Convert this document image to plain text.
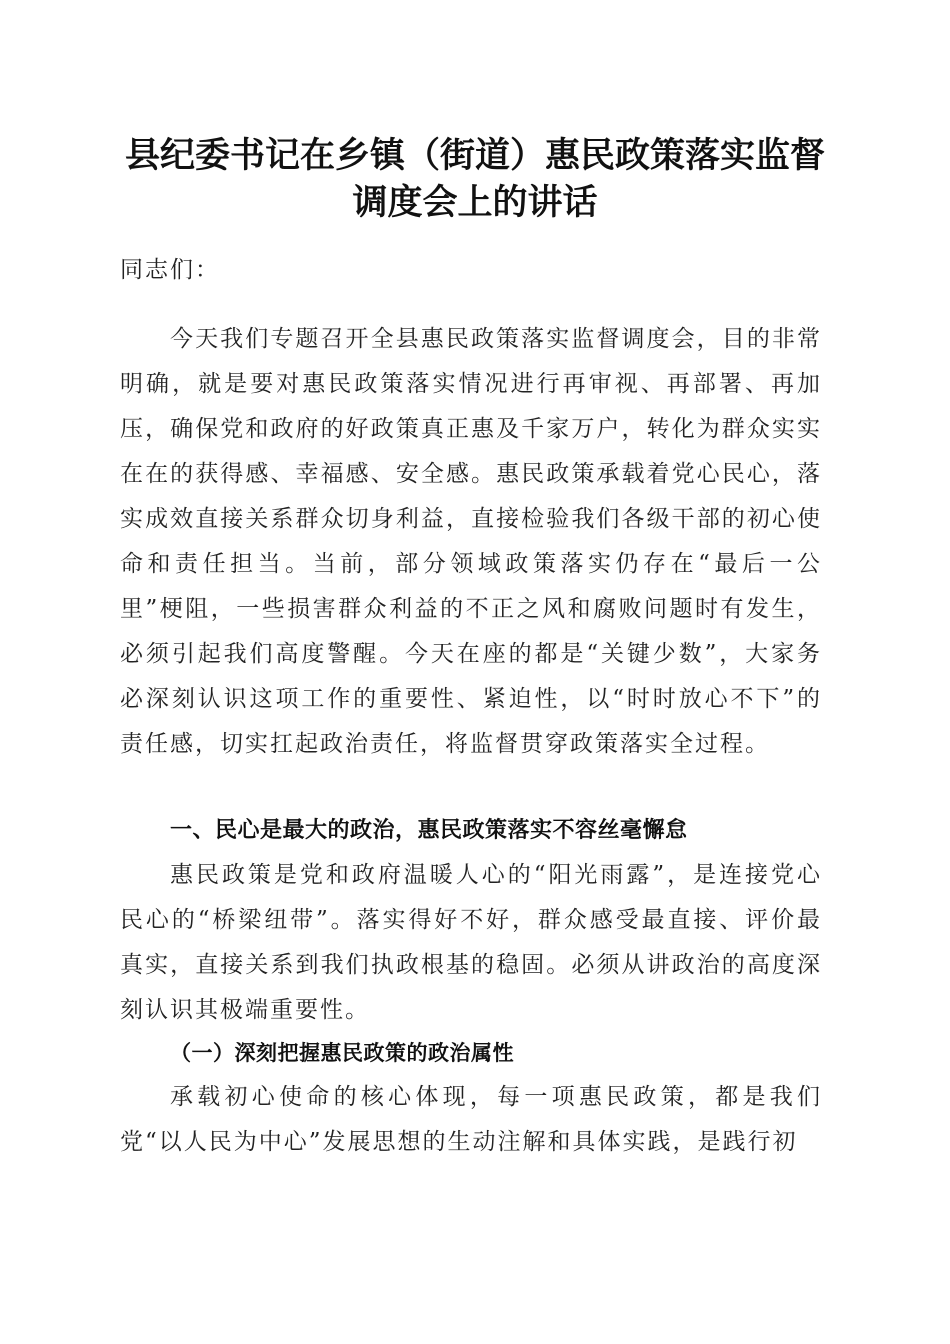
县纪委书记在乡镇（街道）惠民政策落实监督调度会上的讲话
同志们：
今天我们专题召开全县惠民政策落实监督调度会，目的非常明确，就是要对惠民政策落实情况进行再审视、再部署、再加压，确保党和政府的好政策真正惠及千家万户，转化为群众实实在在的获得感、幸福感、安全感。惠民政策承载着党心民心，落实成效直接关系群众切身利益，直接检验我们各级干部的初心使命和责任担当。当前，部分领域政策落实仍存在“最后一公里”梗阻，一些损害群众利益的不正之风和腐败问题时有发生，必须引起我们高度警醒。今天在座的都是“关键少数”，大家务必深刻认识这项工作的重要性、紧迫性，以“时时放心不下”的责任感，切实扛起政治责任，将监督贯穿政策落实全过程。
一、民心是最大的政治，惠民政策落实不容丝毫懈怠
惠民政策是党和政府温暖人心的“阳光雨露”，是连接党心民心的“桥梁纽带”。落实得好不好，群众感受最直接、评价最真实，直接关系到我们执政根基的稳固。必须从讲政治的高度深刻认识其极端重要性。
（一）深刻把握惠民政策的政治属性
承载初心使命的核心体现，每一项惠民政策，都是我们党“以人民为中心”发展思想的生动注解和具体实践，是践行初
